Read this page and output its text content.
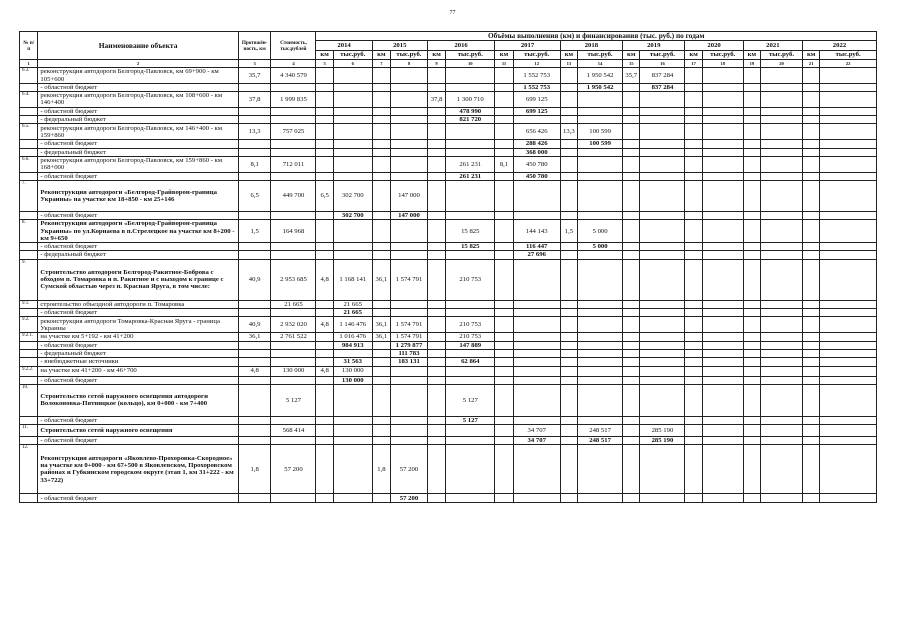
77
№ п/п	Наименование объекта	Протяжён-ность, км	Стоимость, тыс.рублей	Объёмы выполнения (км) и финансирования (тыс. руб.) по годам																	
				2014		2015		2016		2017		2018		2019		2020		2021		2022	
				км	тыс.руб.	км	тыс.руб.	км	тыс.руб.	км	тыс.руб.	км	тыс.руб.	км	тыс.руб.	км	тыс.руб.	км	тыс.руб.	км	тыс.руб.
1	2	3	4	5	6	7	8	9	10	11	12	13	14	15	16	17	18	19	20	21	22
6.3.	реконструкция автодороги Белгород-Павловск, км 69+900 - км 105+600	35,7	4 340 579								1 552 753		1 950 542	35,7	837 284						
	- областной бюджет										1 552 753		1 950 542		837 284						
6.4.	реконструкция автодороги Белгород-Павловск, км 108+600 - км 146+400	37,8	1 999 835					37,8	1 300 710		699 125										
	- областной бюджет								478 990		699 125										
	- федеральный бюджет								821 720												
6.5.	реконструкция автодороги Белгород-Павловск, км 146+400 - км 159+860	13,3	757 025								656 426	13,3	100 599								
	- областной бюджет										288 426		100 599								
	- федеральный бюджет										368 000										
6.6.	реконструкция автодороги Белгород-Павловск, км 159+860 - км 168+000	8,1	712 011						261 231	8,1	450 780										
	- областной бюджет								261 231		450 780										
7.	Реконструкция автодороги «Белгород-Грайворон-граница Украины» на участке км 18+850 - км 25+146	6,5	449 700	6,5	302 700		147 000														
	- областной бюджет				302 700		147 000														
8.	Реконструкция автодороги «Белгород-Грайворон-граница Украины» по ул.Корнаева в п.Стрелецкое на участке км 8+200 - км 9+650	1,5	164 968						15 825		144 143	1,5	5 000								
	- областной бюджет								15 825		116 447		5 000								
	- федеральный бюджет										27 696										
9.	Строительство автодороги Белгород-Ракитное-Боброва с обходом п. Томаровка и п. Ракитное и с выходом к границе с Сумской областью через п. Красная Яруга, в том числе:	40,9	2 953 685	4,8	1 168 141	36,1	1 574 791		210 753												
9.1.	строительство объездной автодороги п. Томаровка		21 665		21 665																
	- областной бюджет				21 665																
9.2.	реконструкция автодороги Томаровка-Красная Яруга - граница Украины	40,9	2 932 020	4,8	1 146 476	36,1	1 574 791		210 753												
9.2.1.	на участке км 5+192 - км 41+200	36,1	2 761 522		1 016 476	36,1	1 574 791		210 753												
	- областной бюджет				984 913		1 279 877		147 889												
	- федеральный бюджет						111 783														
	- внебюджетные источники				31 563		183 131		62 864												
9.2.2.	на участке км 41+200 - км 46+700	4,8	130 000	4,8	130 000																
	- областной бюджет				130 000																
10.	Строительство сетей наружного освещения автодороги Волоконовка-Пятницкое (кольцо), км 0+000 - км 7+400		5 127						5 127												
	- областной бюджет								5 127												
11.	Строительство сетей наружного освещения		568 414								34 707		248 517		285 190						
	- областной бюджет										34 707		248 517		285 190						
12.	Реконструкция автодороги «Яковлево-Прохоровка-Скородное» на участке км 0+000 - км 67+500 в Яковлевском, Прохоровском районах и Губкинском городском округе (этап 1, км 31+222 - км 33+722)	1,8	57 200			1,8	57 200														
	- областной бюджет						57 200														
